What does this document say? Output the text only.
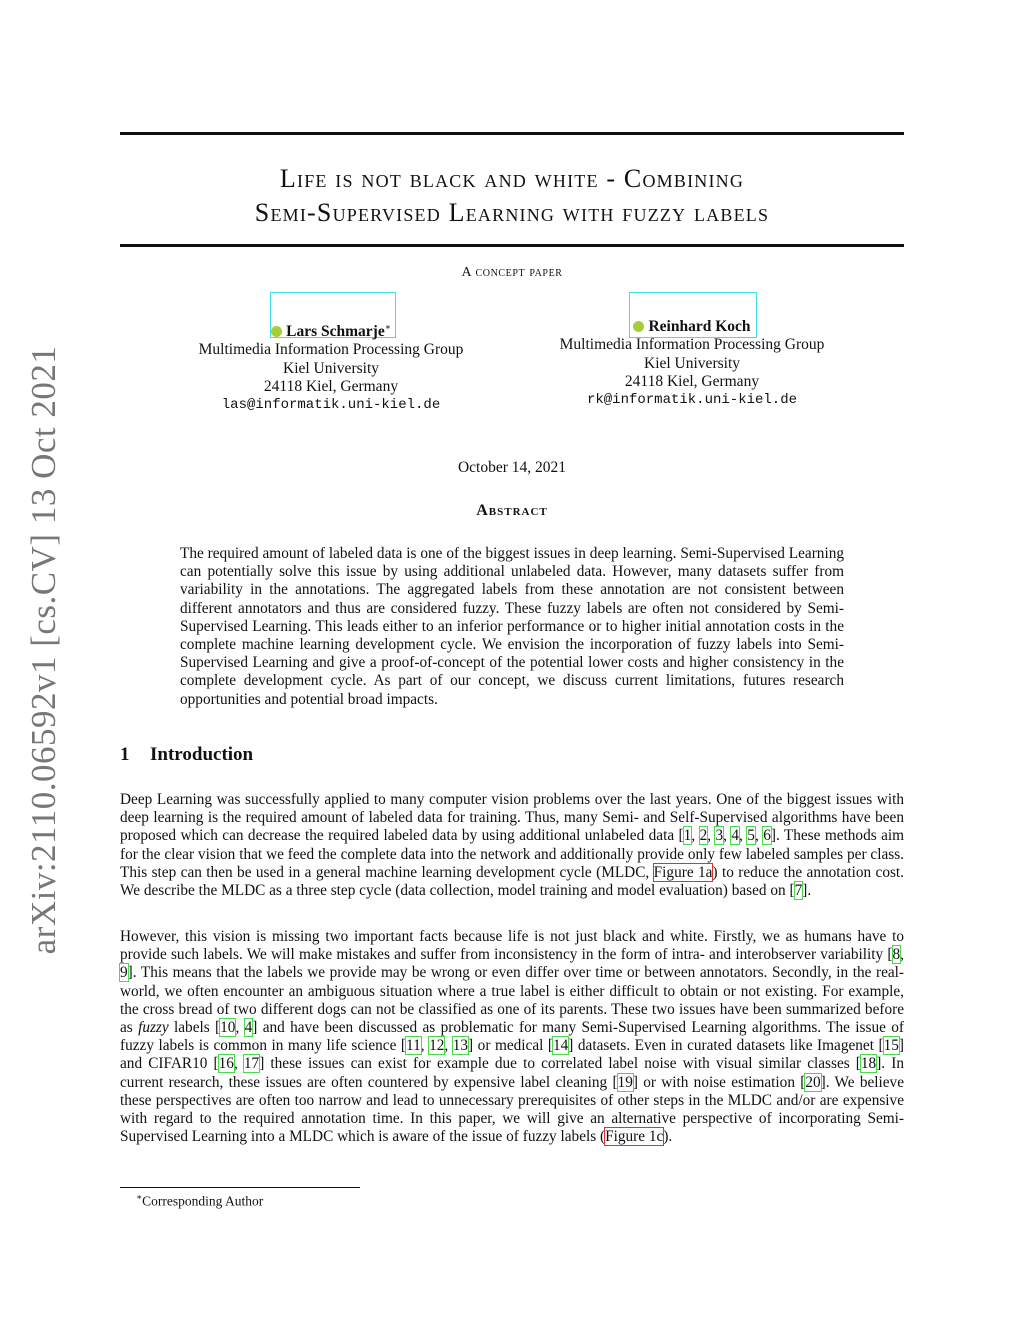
arXiv:2110.06592v1 [cs.CV] 13 Oct 2021
Life is not black and white - Combining
Semi-Supervised Learning with fuzzy labels
A concept paper
Lars Schmarje∗
Multimedia Information Processing Group
Kiel University
24118 Kiel, Germany
las@informatik.uni-kiel.de
Reinhard Koch
Multimedia Information Processing Group
Kiel University
24118 Kiel, Germany
rk@informatik.uni-kiel.de
October 14, 2021
Abstract
The required amount of labeled data is one of the biggest issues in deep learning. Semi-Supervised Learning can potentially solve this issue by using additional unlabeled data. However, many datasets suffer from variability in the annotations. The aggregated labels from these annotation are not consistent between different annotators and thus are considered fuzzy. These fuzzy labels are often not considered by Semi-Supervised Learning. This leads either to an inferior performance or to higher initial annotation costs in the complete machine learning development cycle. We envision the incorporation of fuzzy labels into Semi-Supervised Learning and give a proof-of-concept of the potential lower costs and higher consistency in the complete development cycle. As part of our concept, we discuss current limitations, futures research opportunities and potential broad impacts.
1 Introduction
Deep Learning was successfully applied to many computer vision problems over the last years. One of the biggest issues with deep learning is the required amount of labeled data for training. Thus, many Semi- and Self-Supervised algorithms have been proposed which can decrease the required labeled data by using additional unlabeled data [1, 2, 3, 4, 5, 6]. These methods aim for the clear vision that we feed the complete data into the network and additionally provide only few labeled samples per class. This step can then be used in a general machine learning development cycle (MLDC, Figure 1a) to reduce the annotation cost. We describe the MLDC as a three step cycle (data collection, model training and model evaluation) based on [7].
However, this vision is missing two important facts because life is not just black and white. Firstly, we as humans have to provide such labels. We will make mistakes and suffer from inconsistency in the form of intra- and interobserver variability [8, 9]. This means that the labels we provide may be wrong or even differ over time or between annotators. Secondly, in the real-world, we often encounter an ambiguous situation where a true label is either difficult to obtain or not existing. For example, the cross bread of two different dogs can not be classified as one of its parents. These two issues have been summarized before as fuzzy labels [10, 4] and have been discussed as problematic for many Semi-Supervised Learning algorithms. The issue of fuzzy labels is common in many life science [11, 12, 13] or medical [14] datasets. Even in curated datasets like Imagenet [15] and CIFAR10 [16, 17] these issues can exist for example due to correlated label noise with visual similar classes [18]. In current research, these issues are often countered by expensive label cleaning [19] or with noise estimation [20]. We believe these perspectives are often too narrow and lead to unnecessary prerequisites of other steps in the MLDC and/or are expensive with regard to the required annotation time. In this paper, we will give an alternative perspective of incorporating Semi-Supervised Learning into a MLDC which is aware of the issue of fuzzy labels (Figure 1c).
∗Corresponding Author
